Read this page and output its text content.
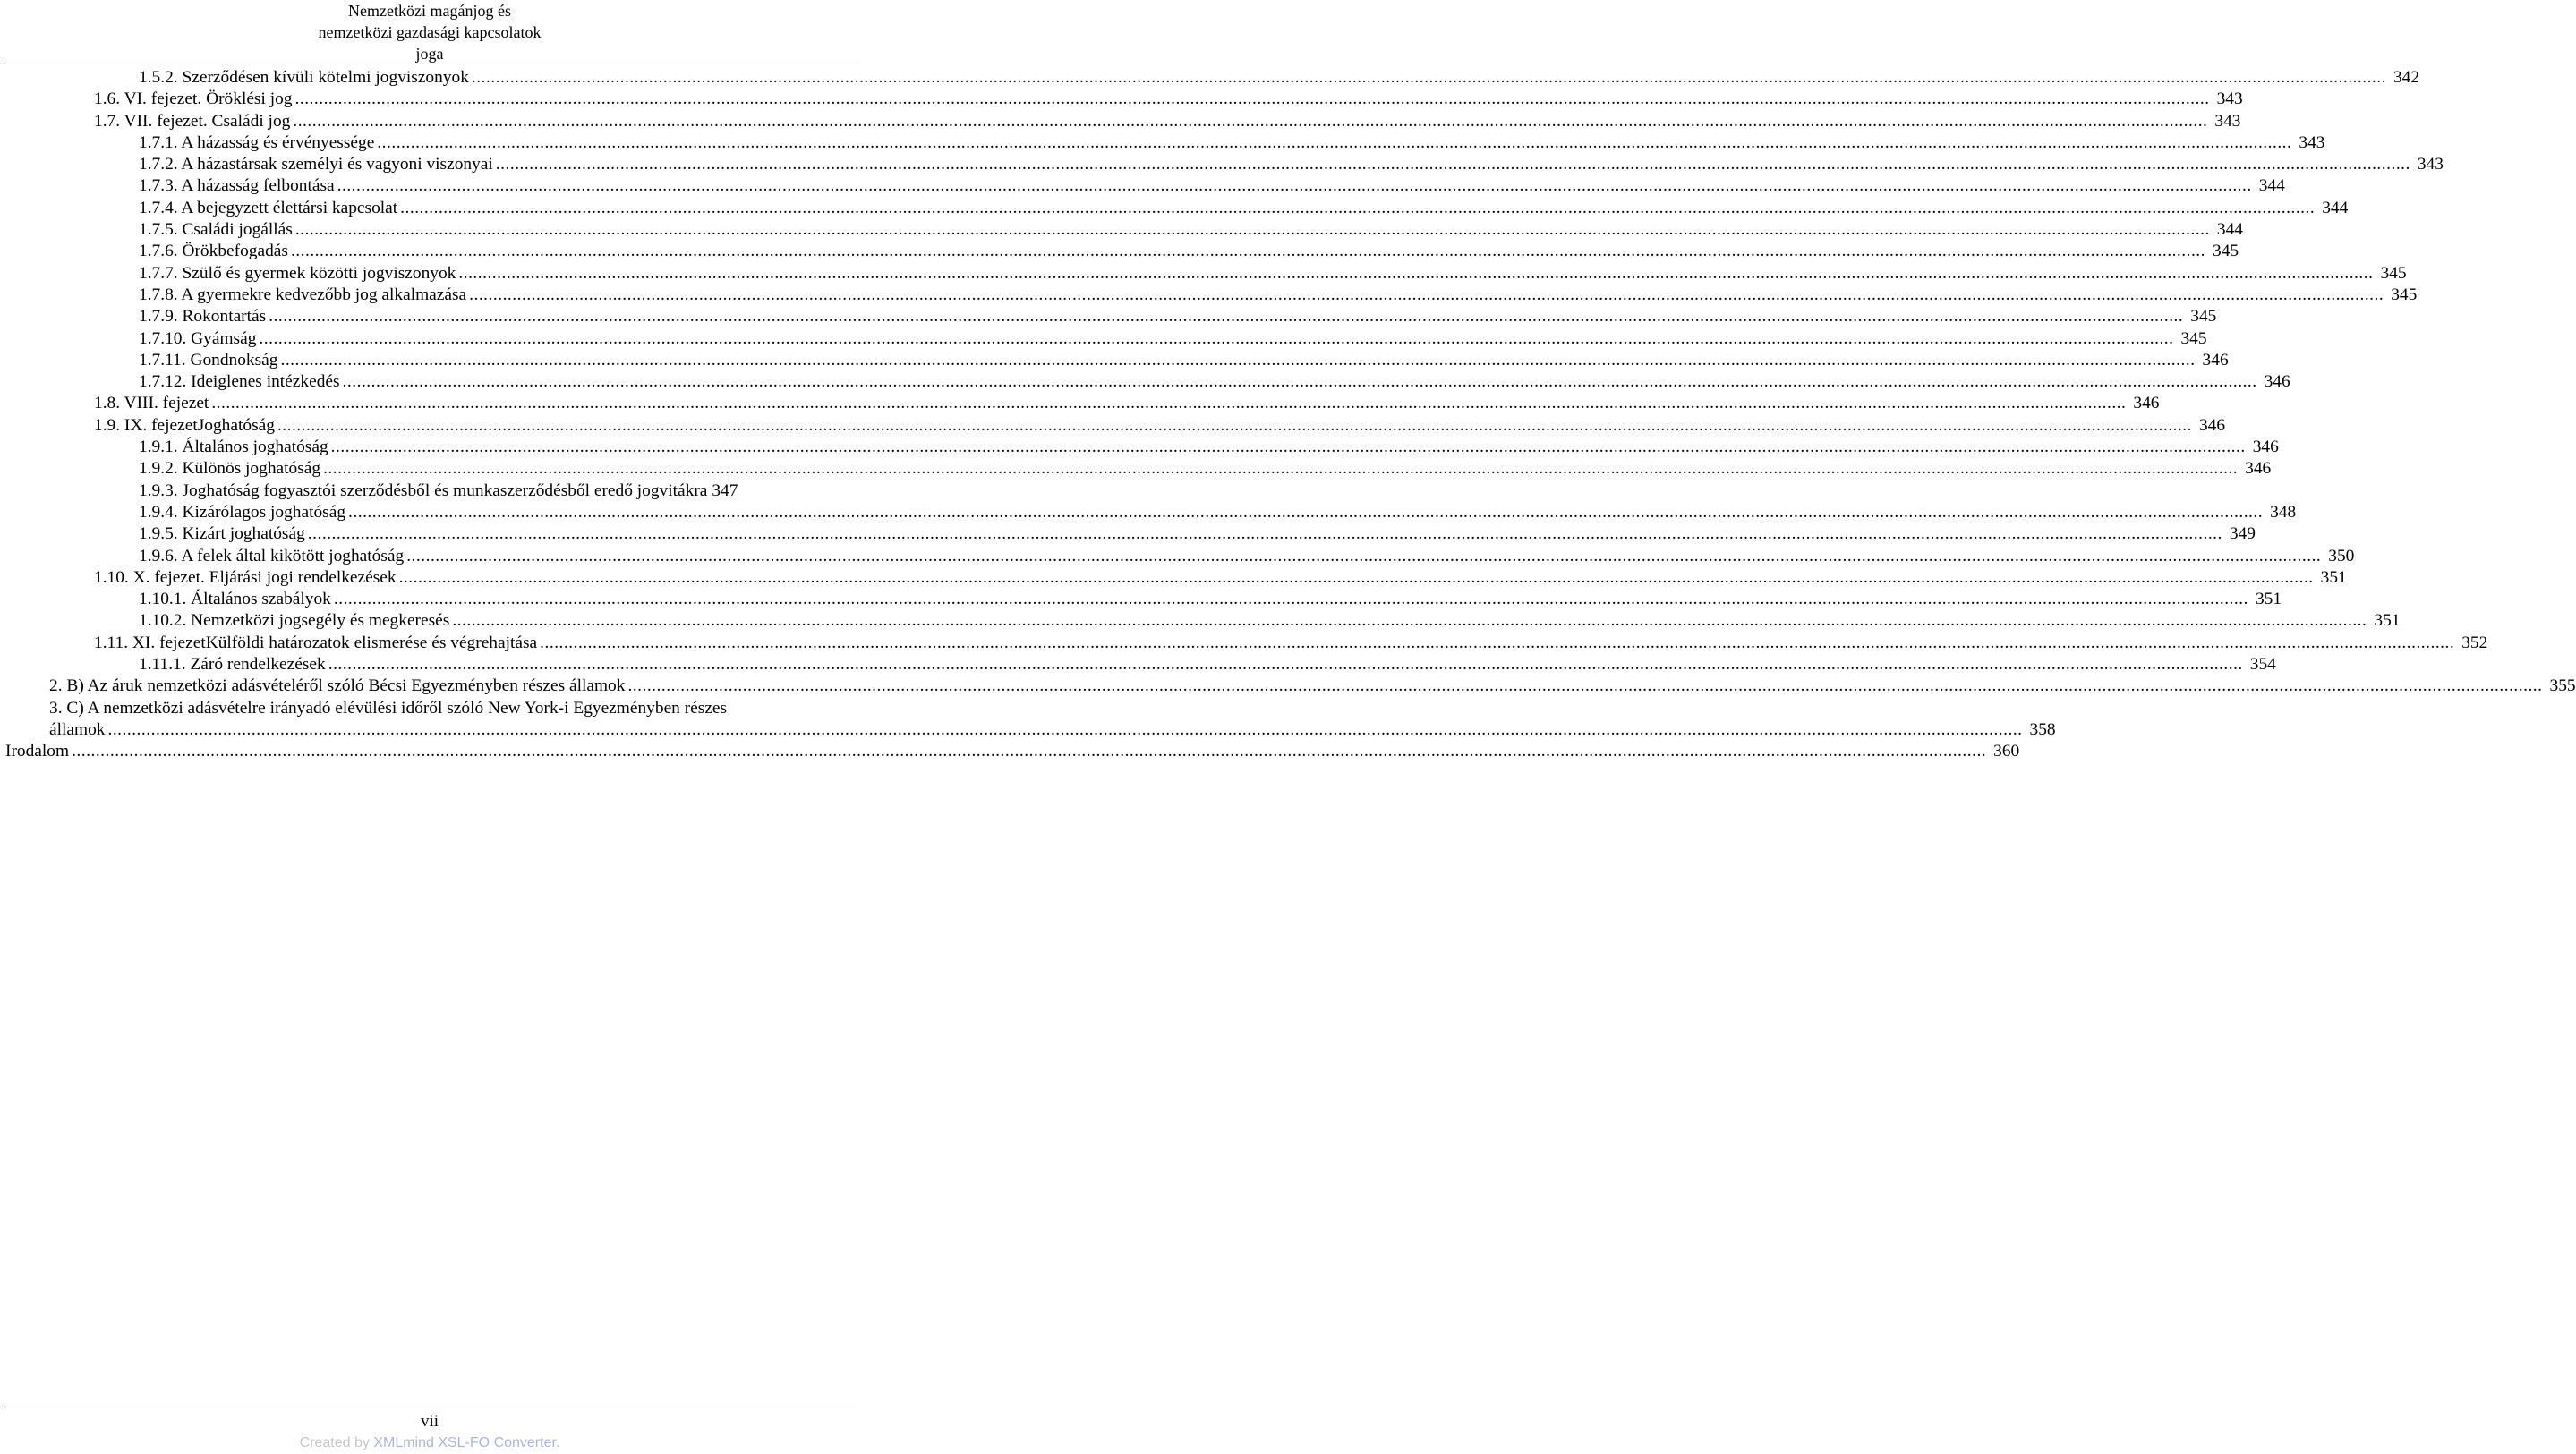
Nemzetközi magánjog és
nemzetközi gazdasági kapcsolatok
joga
1.5.2. Szerződésen kívüli kötelmi jogviszonyok ................................................................................................................................................................................................................................................................................................................................................................................................................ 342
1.6. VI. fejezet. Öröklési jog ................................................................................................................................................................................................................................................................................................................................................................................................................ 343
1.7. VII. fejezet. Családi jog ................................................................................................................................................................................................................................................................................................................................................................................................................ 343
1.7.1. A házasság és érvényessége ................................................................................................................................................................................................................................................................................................................................................................................................................ 343
1.7.2. A házastársak személyi és vagyoni viszonyai ................................................................................................................................................................................................................................................................................................................................................................................................................ 343
1.7.3. A házasság felbontása ................................................................................................................................................................................................................................................................................................................................................................................................................ 344
1.7.4. A bejegyzett élettársi kapcsolat ................................................................................................................................................................................................................................................................................................................................................................................................................ 344
1.7.5. Családi jogállás ................................................................................................................................................................................................................................................................................................................................................................................................................ 344
1.7.6. Örökbefogadás ................................................................................................................................................................................................................................................................................................................................................................................................................ 345
1.7.7. Szülő és gyermek közötti jogviszonyok ................................................................................................................................................................................................................................................................................................................................................................................................................ 345
1.7.8. A gyermekre kedvezőbb jog alkalmazása ................................................................................................................................................................................................................................................................................................................................................................................................................ 345
1.7.9. Rokontartás ................................................................................................................................................................................................................................................................................................................................................................................................................ 345
1.7.10. Gyámság ................................................................................................................................................................................................................................................................................................................................................................................................................ 345
1.7.11. Gondnokság ................................................................................................................................................................................................................................................................................................................................................................................................................ 346
1.7.12. Ideiglenes intézkedés ................................................................................................................................................................................................................................................................................................................................................................................................................ 346
1.8. VIII. fejezet ................................................................................................................................................................................................................................................................................................................................................................................................................ 346
1.9. IX. fejezetJoghatóság ................................................................................................................................................................................................................................................................................................................................................................................................................ 346
1.9.1. Általános joghatóság ................................................................................................................................................................................................................................................................................................................................................................................................................ 346
1.9.2. Különös joghatóság ................................................................................................................................................................................................................................................................................................................................................................................................................ 346
1.9.3. Joghatóság fogyasztói szerződésből és munkaszerződésből eredő jogvitákra 347
1.9.4. Kizárólagos joghatóság ................................................................................................................................................................................................................................................................................................................................................................................................................ 348
1.9.5. Kizárt joghatóság ................................................................................................................................................................................................................................................................................................................................................................................................................ 349
1.9.6. A felek által kikötött joghatóság ................................................................................................................................................................................................................................................................................................................................................................................................................ 350
1.10. X. fejezet. Eljárási jogi rendelkezések ................................................................................................................................................................................................................................................................................................................................................................................................................ 351
1.10.1. Általános szabályok ................................................................................................................................................................................................................................................................................................................................................................................................................ 351
1.10.2. Nemzetközi jogsegély és megkeresés ................................................................................................................................................................................................................................................................................................................................................................................................................ 351
1.11. XI. fejezetKülföldi határozatok elismerése és végrehajtása ................................................................................................................................................................................................................................................................................................................................................................................................................ 352
1.11.1. Záró rendelkezések ................................................................................................................................................................................................................................................................................................................................................................................................................ 354
2. B) Az áruk nemzetközi adásvételéről szóló Bécsi Egyezményben részes államok ................................................................................................................................................................................................................................................................................................................................................................................................................ 355
3. C) A nemzetközi adásvételre irányadó elévülési időről szóló New York-i Egyezményben részes
államok ................................................................................................................................................................................................................................................................................................................................................................................................................ 358
Irodalom ................................................................................................................................................................................................................................................................................................................................................................................................................ 360
vii
Created by XMLmind XSL-FO Converter.
